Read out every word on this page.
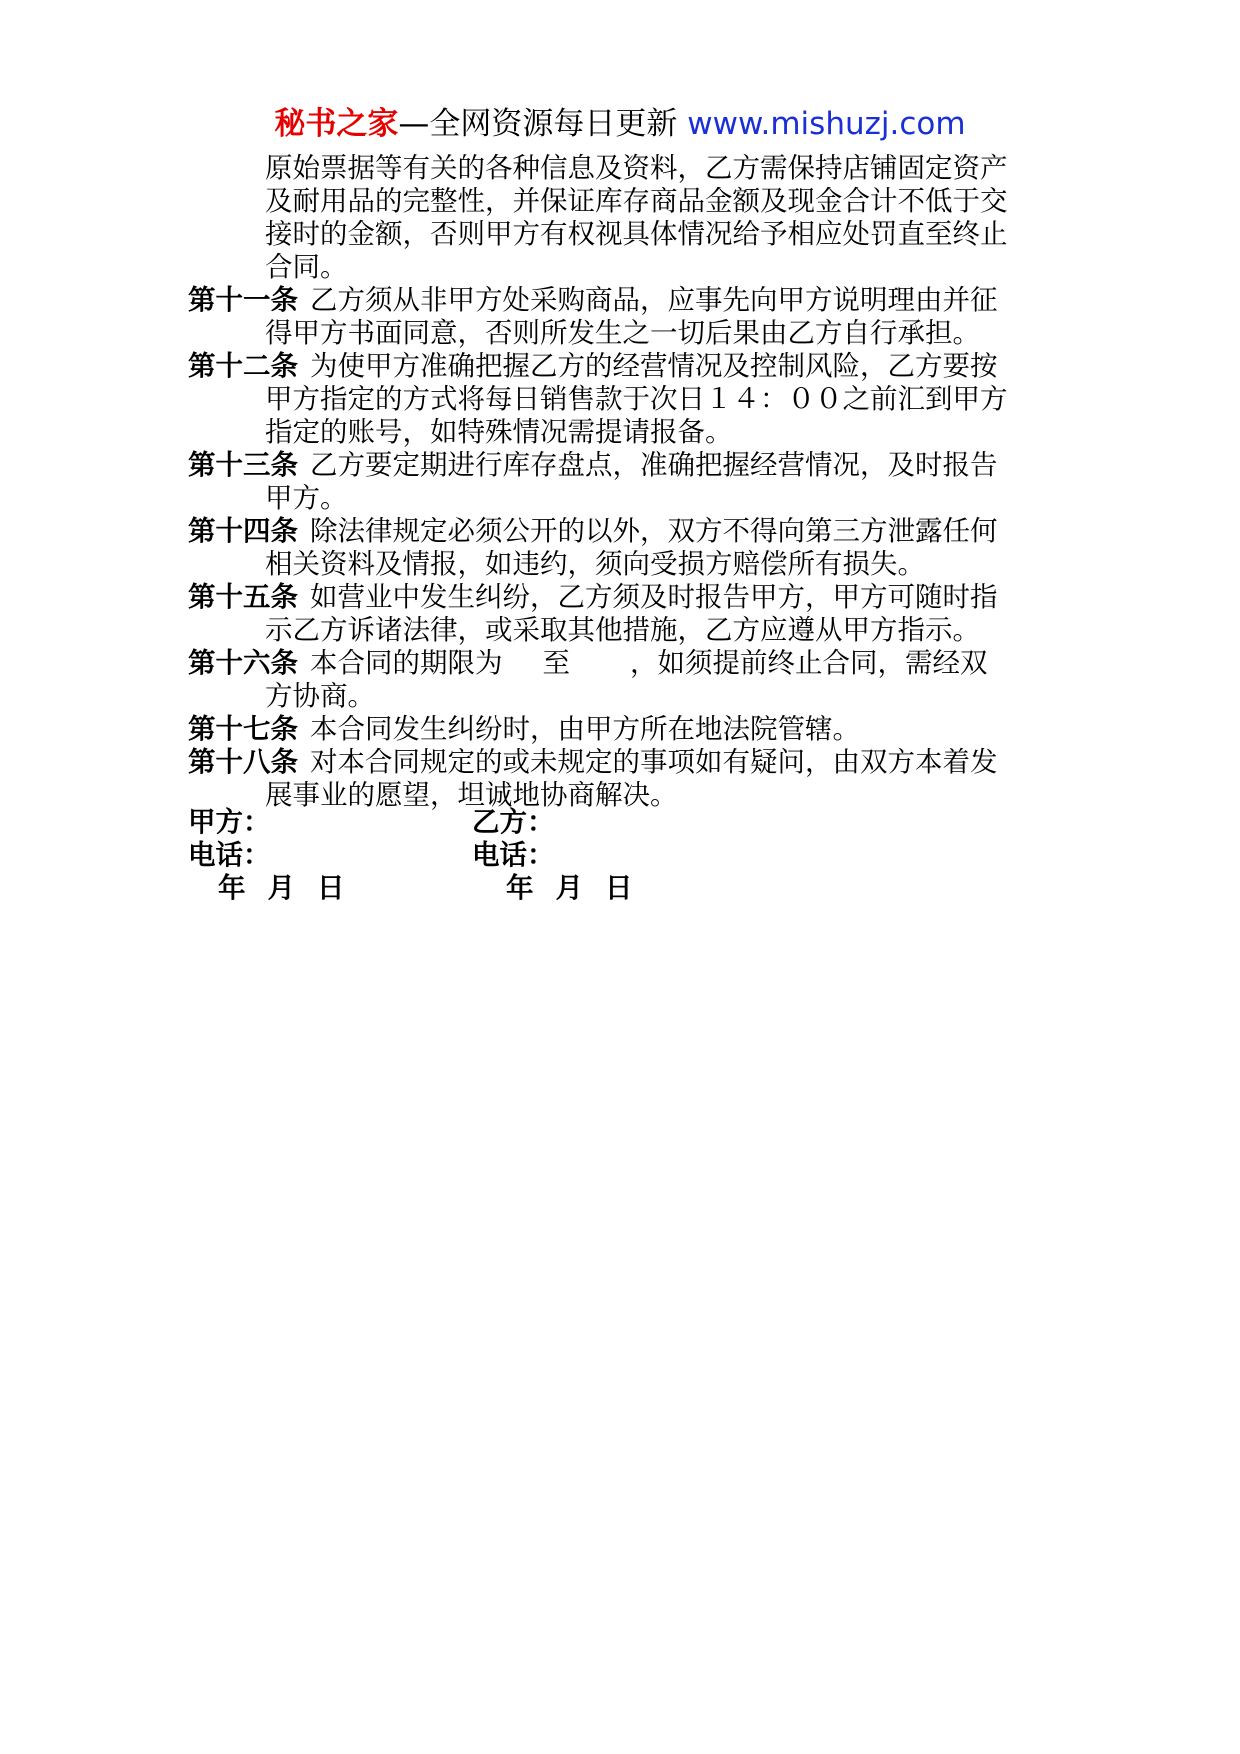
秘书之家—全网资源每日更新 www.mishuzj.com
原始票据等有关的各种信息及资料，乙方需保持店铺固定资产
及耐用品的完整性，并保证库存商品金额及现金合计不低于交
接时的金额，否则甲方有权视具体情况给予相应处罚直至终止
合同。
第十一条 乙方须从非甲方处采购商品，应事先向甲方说明理由并征
得甲方书面同意，否则所发生之一切后果由乙方自行承担。
第十二条 为使甲方准确把握乙方的经营情况及控制风险，乙方要按
甲方指定的方式将每日销售款于次日１４：００之前汇到甲方
指定的账号，如特殊情况需提请报备。
第十三条 乙方要定期进行库存盘点，准确把握经营情况，及时报告
甲方。
第十四条 除法律规定必须公开的以外，双方不得向第三方泄露任何
相关资料及情报，如违约，须向受损方赔偿所有损失。
第十五条 如营业中发生纠纷，乙方须及时报告甲方，甲方可随时指
示乙方诉诸法律，或采取其他措施，乙方应遵从甲方指示。
第十六条 本合同的期限为 至 ，如须提前终止合同，需经双
方协商。
第十七条 本合同发生纠纷时，由甲方所在地法院管辖。
第十八条 对本合同规定的或未规定的事项如有疑问，由双方本着发
展事业的愿望，坦诚地协商解决。
甲方：	乙方：
电话：	电话：
年 月 日	年 月 日
